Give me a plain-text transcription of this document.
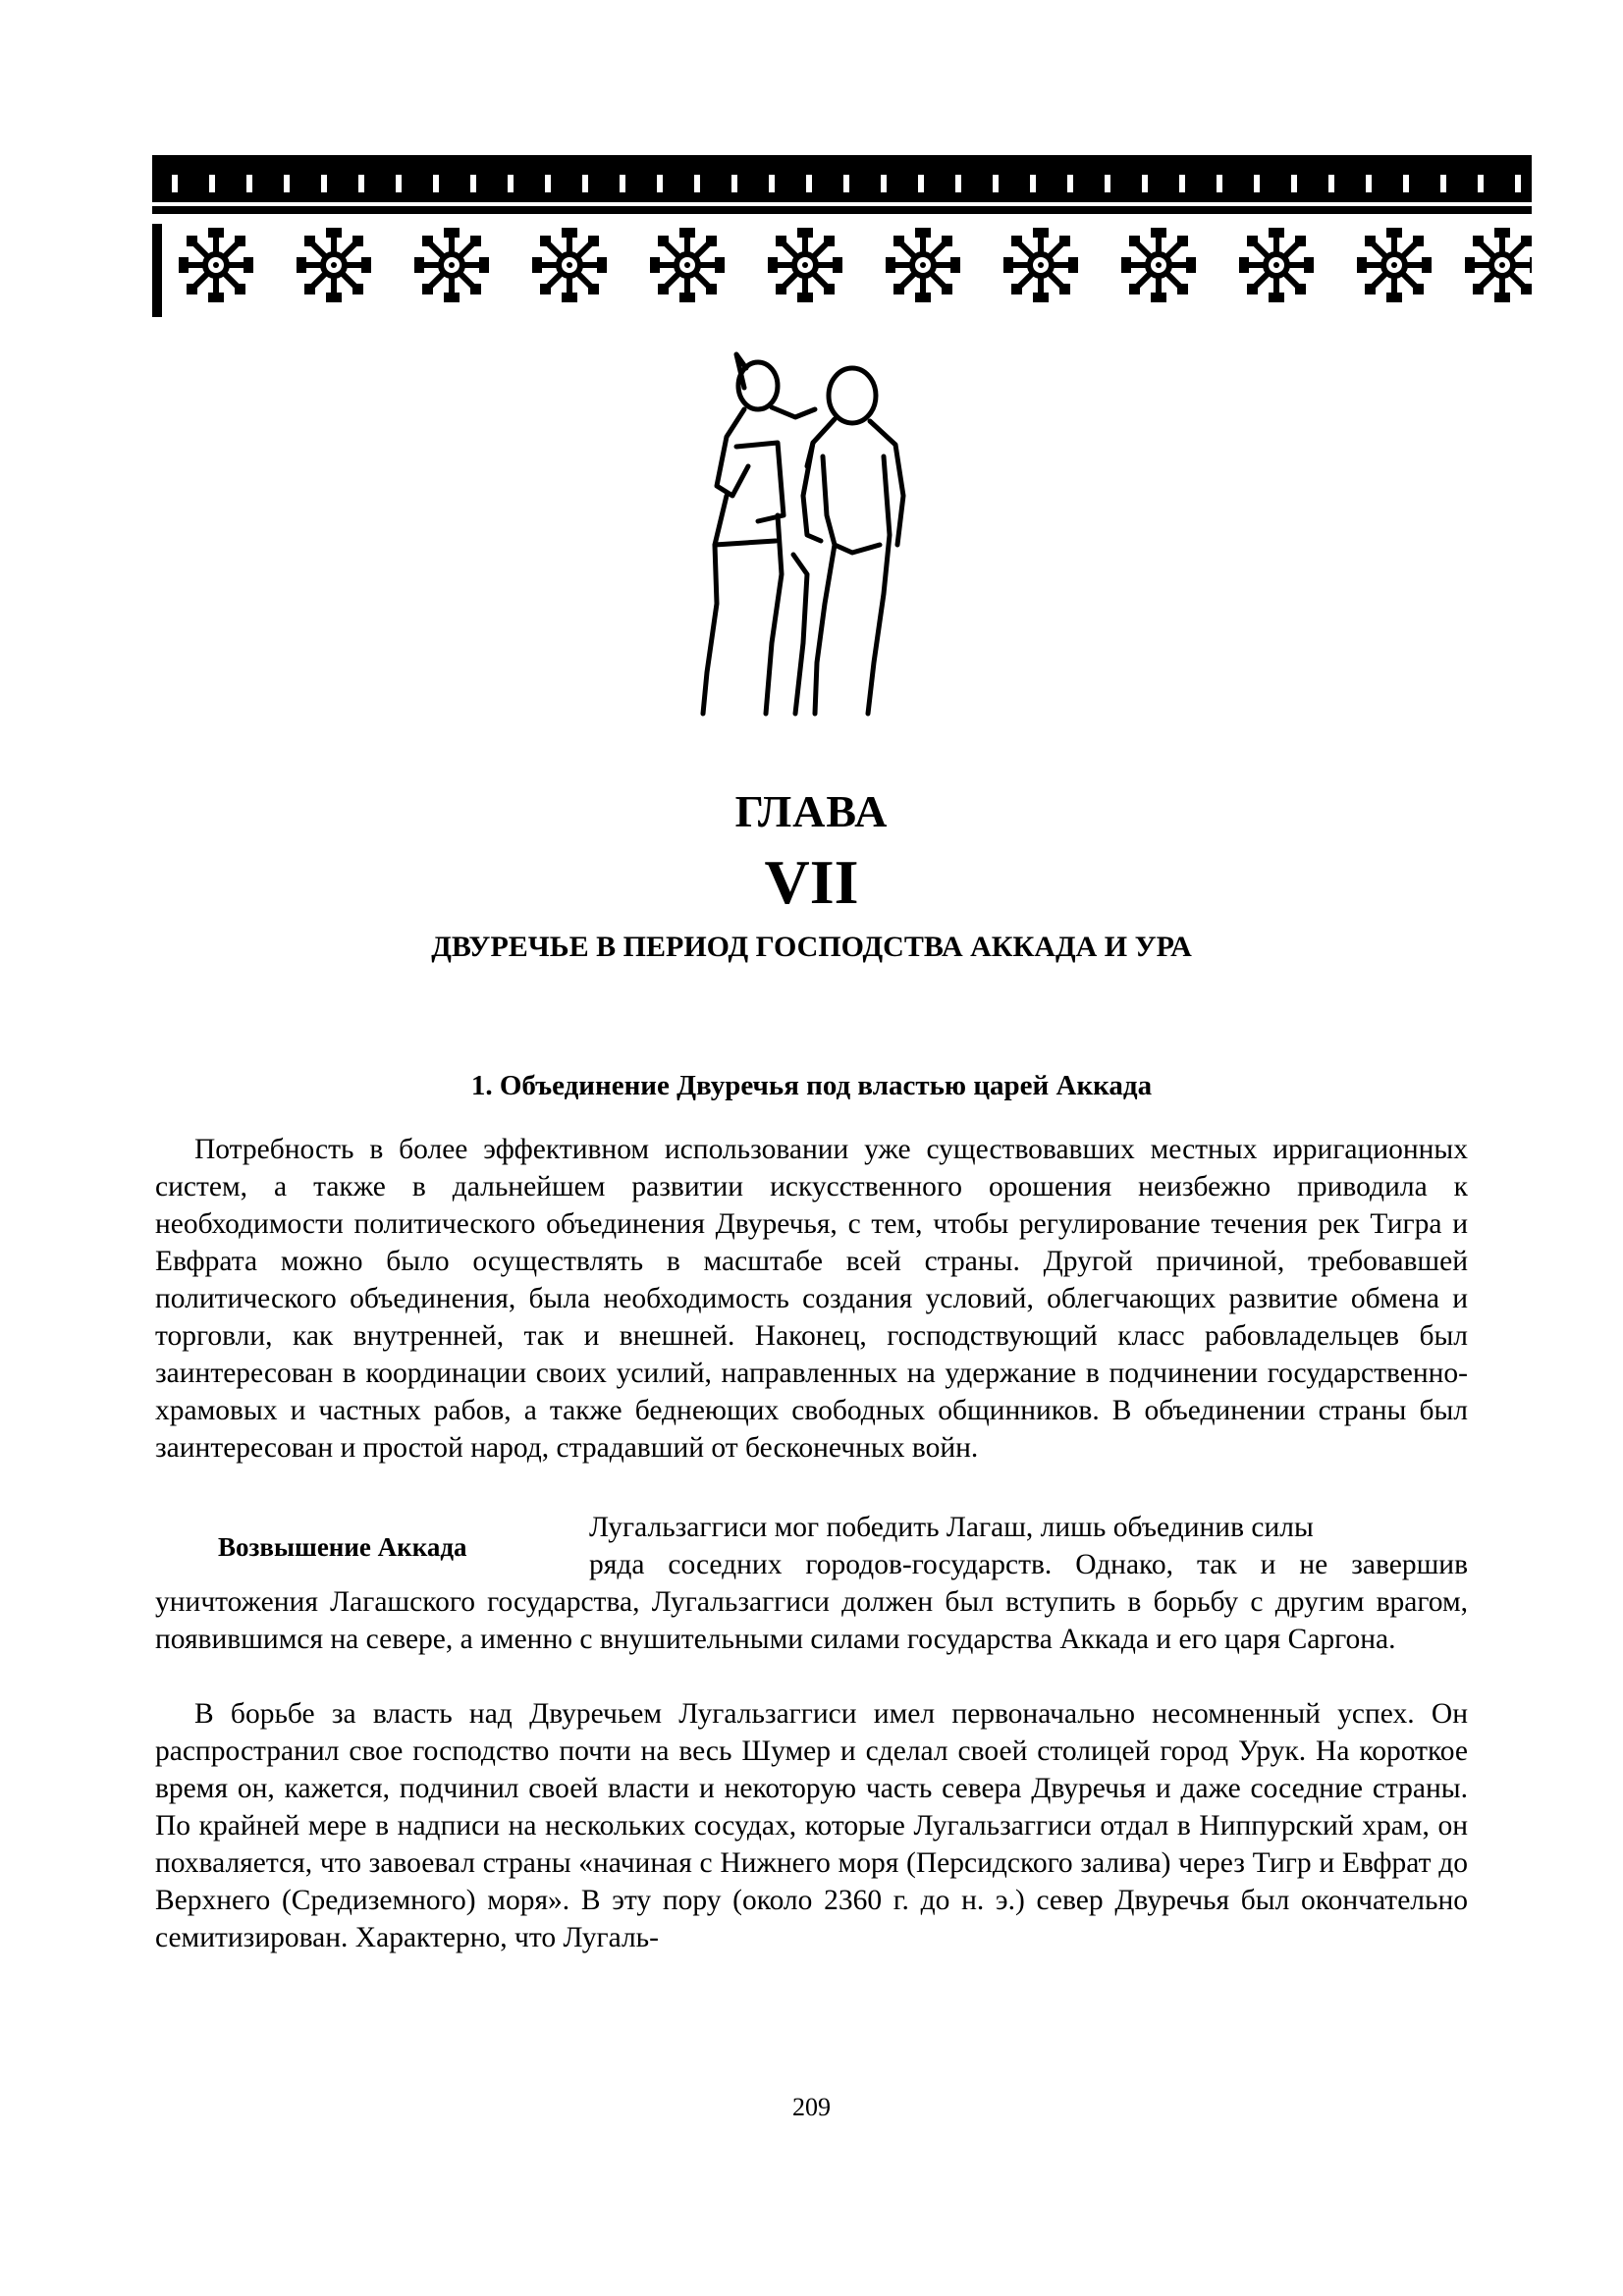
ГЛАВА
VII
ДВУРЕЧЬЕ В ПЕРИОД ГОСПОДСТВА АККАДА И УРА
1. Объединение Двуречья под властью царей Аккада

Потребность в более эффективном использовании уже существовавших местных ирригационных систем, а также в дальнейшем развитии искусственного орошения неизбежно приводила к необходимости политического объединения Двуречья, с тем, чтобы регулирование течения рек Тигра и Евфрата можно было осуществлять в масштабе всей страны. Другой причиной, требовавшей политического объединения, была необходимость создания условий, облегчающих развитие обмена и торговли, как внутренней, так и внешней. Наконец, господствующий класс рабовладельцев был заинтересован в координации своих усилий, направленных на удержание в подчинении государственно-храмовых и частных рабов, а также беднеющих свободных общинников. В объединении страны был заинтересован и простой народ, страдавший от бесконечных войн.

Возвышение Аккада

Лугальзаггиси мог победить Лагаш, лишь объединив силы
ряда соседних городов-государств. Однако, так и не завершив уничтожения Лагашского государства, Лугальзаггиси должен был вступить в борьбу с другим врагом, появившимся на севере, а именно с внушительными силами государства Аккада и его царя Саргона.

В борьбе за власть над Двуречьем Лугальзаггиси имел первоначально несомненный успех. Он распространил свое господство почти на весь Шумер и сделал своей столицей город Урук. На короткое время он, кажется, подчинил своей власти и некоторую часть севера Двуречья и даже соседние страны. По крайней мере в надписи на нескольких сосудах, которые Лугальзаггиси отдал в Ниппурский храм, он похваляется, что завоевал страны «начиная с Нижнего моря (Персидского залива) через Тигр и Евфрат до Верхнего (Средиземного) моря». В эту пору (около 2360 г. до н. э.) север Двуречья был окончательно семитизирован. Характерно, что Лугаль-

209
